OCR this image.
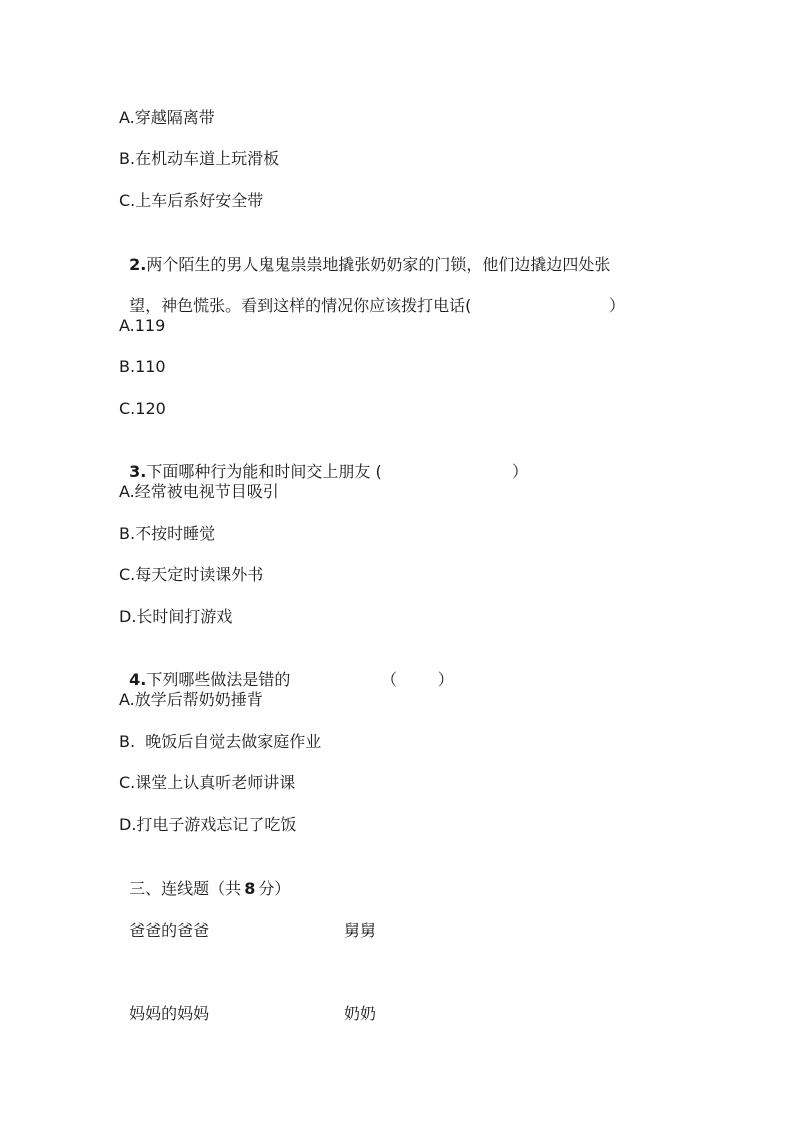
A.穿越隔离带
B.在机动车道上玩滑板
C.上车后系好安全带

2.两个陌生的男人鬼鬼祟祟地撬张奶奶家的门锁，他们边撬边四处张

望，神色慌张。看到这样的情况你应该拨打电话(	）

A.119
B.110
C.120

3.下面哪种行为能和时间交上朋友 (	）

A.经常被电视节目吸引
B.不按时睡觉
C.每天定时读课外书
D.长时间打游戏

4.下列哪些做法是错的	（        ）

A.放学后帮奶奶捶背
B.  晚饭后自觉去做家庭作业
C.课堂上认真听老师讲课
D.打电子游戏忘记了吃饭

三、连线题（共 8 分）

爸爸的爸爸	舅舅

妈妈的妈妈	奶奶
